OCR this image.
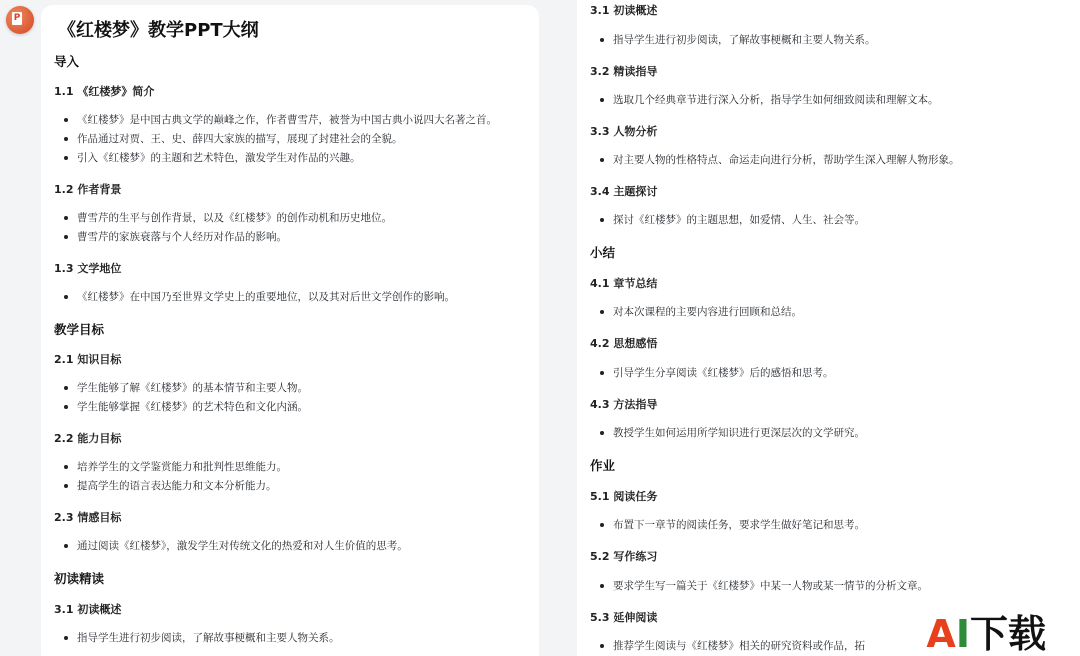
P
《红楼梦》教学PPT大纲
导入
1.1 《红楼梦》简介
《红楼梦》是中国古典文学的巅峰之作，作者曹雪芹，被誉为中国古典小说四大名著之首。
作品通过对贾、王、史、薛四大家族的描写，展现了封建社会的全貌。
引入《红楼梦》的主题和艺术特色，激发学生对作品的兴趣。
1.2 作者背景
曹雪芹的生平与创作背景，以及《红楼梦》的创作动机和历史地位。
曹雪芹的家族衰落与个人经历对作品的影响。
1.3 文学地位
《红楼梦》在中国乃至世界文学史上的重要地位，以及其对后世文学创作的影响。
教学目标
2.1 知识目标
学生能够了解《红楼梦》的基本情节和主要人物。
学生能够掌握《红楼梦》的艺术特色和文化内涵。
2.2 能力目标
培养学生的文学鉴赏能力和批判性思维能力。
提高学生的语言表达能力和文本分析能力。
2.3 情感目标
通过阅读《红楼梦》，激发学生对传统文化的热爱和对人生价值的思考。
初读精读
3.1 初读概述
指导学生进行初步阅读，了解故事梗概和主要人物关系。
3.1 初读概述
指导学生进行初步阅读，了解故事梗概和主要人物关系。
3.2 精读指导
选取几个经典章节进行深入分析，指导学生如何细致阅读和理解文本。
3.3 人物分析
对主要人物的性格特点、命运走向进行分析，帮助学生深入理解人物形象。
3.4 主题探讨
探讨《红楼梦》的主题思想，如爱情、人生、社会等。
小结
4.1 章节总结
对本次课程的主要内容进行回顾和总结。
4.2 思想感悟
引导学生分享阅读《红楼梦》后的感悟和思考。
4.3 方法指导
教授学生如何运用所学知识进行更深层次的文学研究。
作业
5.1 阅读任务
布置下一章节的阅读任务，要求学生做好笔记和思考。
5.2 写作练习
要求学生写一篇关于《红楼梦》中某一人物或某一情节的分析文章。
5.3 延伸阅读
推荐学生阅读与《红楼梦》相关的研究资料或作品，拓 AI下载
